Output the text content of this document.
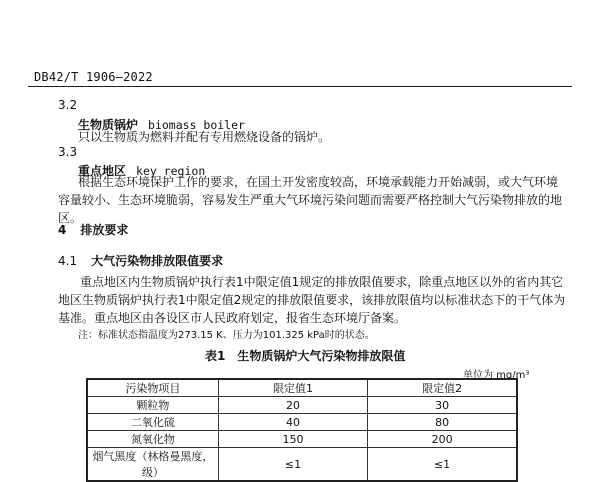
DB42/T 1906—2022
3.2
生物质锅炉 biomass boiler
只以生物质为燃料并配有专用燃烧设备的锅炉。
3.3
重点地区 key region
根据生态环境保护工作的要求，在国土开发密度较高，环境承载能力开始减弱，或大气环境容量较小、生态环境脆弱，容易发生严重大气环境污染问题而需要严格控制大气污染物排放的地区。
4 排放要求
4.1 大气污染物排放限值要求
重点地区内生物质锅炉执行表1中限定值1规定的排放限值要求，除重点地区以外的省内其它地区生物质锅炉执行表1中限定值2规定的排放限值要求，该排放限值均以标准状态下的干气体为基准。重点地区由各设区市人民政府划定，报省生态环境厅备案。
注：标准状态指温度为273.15 K、压力为101.325 kPa时的状态。
表1　生物质锅炉大气污染物排放限值
单位为 mg/m³
污染物项目	限定值1	限定值2
颗粒物	20	30
二氧化硫	40	80
氮氧化物	150	200
烟气黑度（林格曼黑度，级）	≤1	≤1
